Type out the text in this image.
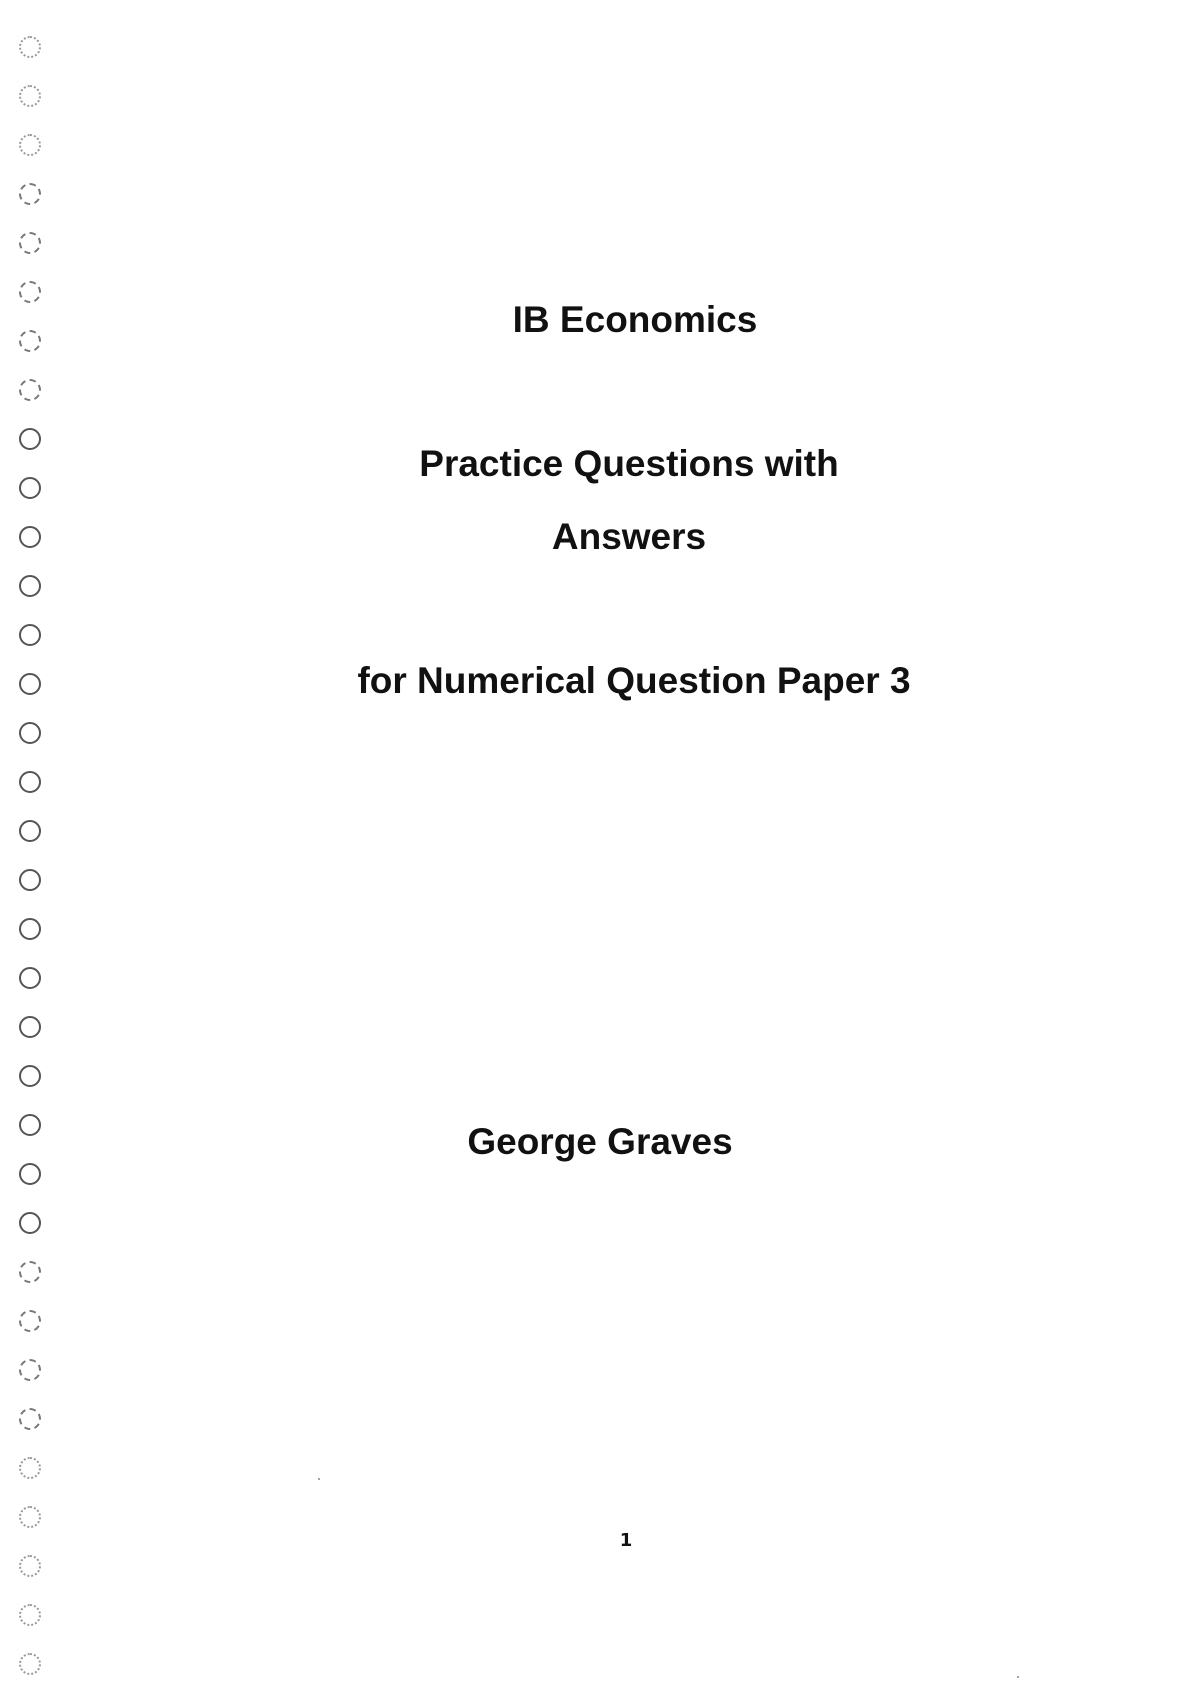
IB Economics
Practice Questions with
Answers
for Numerical Question Paper 3
George Graves
1
